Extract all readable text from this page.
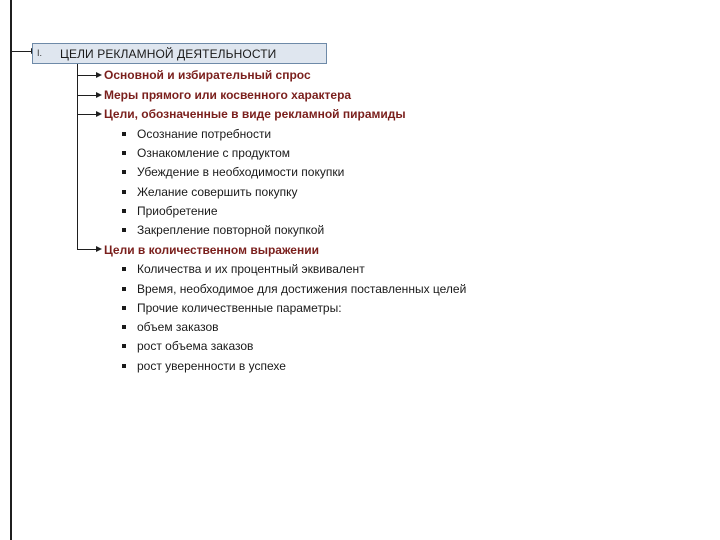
I. ЦЕЛИ РЕКЛАМНОЙ ДЕЯТЕЛЬНОСТИ
Основной и избирательный спрос
Меры прямого или косвенного характера
Цели, обозначенные в виде рекламной пирамиды
Осознание потребности
Ознакомление с продуктом
Убеждение в необходимости покупки
Желание совершить покупку
Приобретение
Закрепление повторной покупкой
Цели в количественном выражении
Количества и их процентный эквивалент
Время, необходимое для достижения поставленных целей
Прочие количественные параметры:
объем заказов
рост объема заказов
рост уверенности в успехе
